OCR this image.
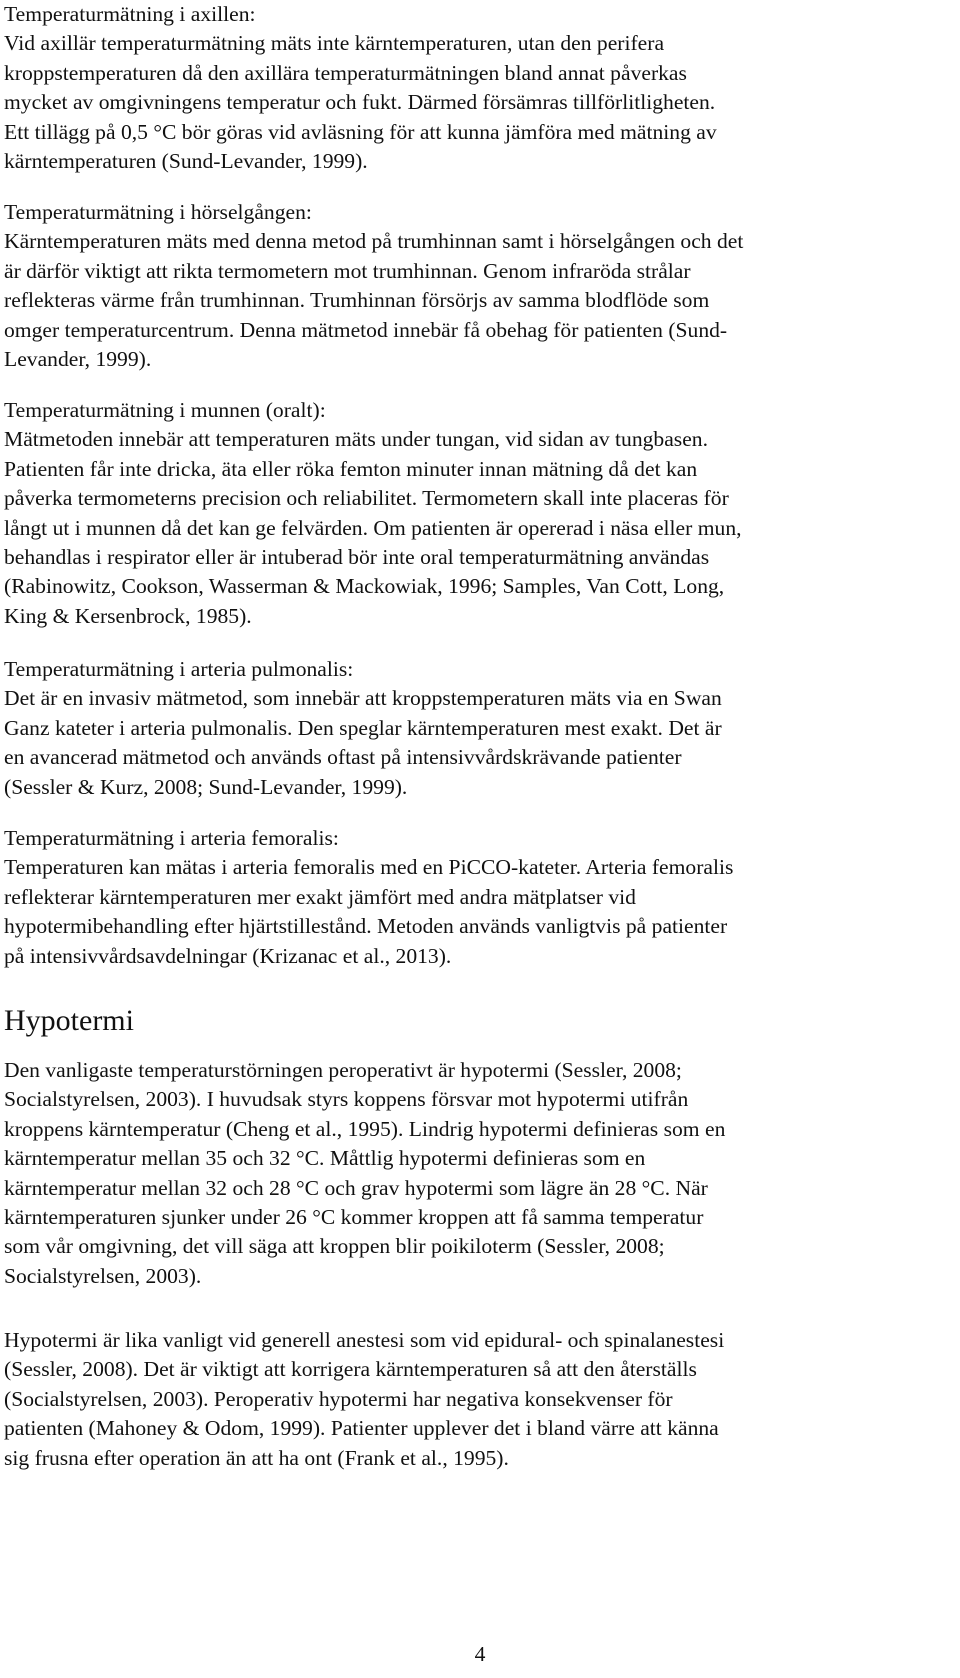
Temperaturmätning i axillen:
Vid axillär temperaturmätning mäts inte kärntemperaturen, utan den perifera
kroppstemperaturen då den axillära temperaturmätningen bland annat påverkas
mycket av omgivningens temperatur och fukt. Därmed försämras tillförlitligheten.
Ett tillägg på 0,5 °C bör göras vid avläsning för att kunna jämföra med mätning av
kärntemperaturen (Sund-Levander, 1999).

Temperaturmätning i hörselgången:
Kärntemperaturen mäts med denna metod på trumhinnan samt i hörselgången och det
är därför viktigt att rikta termometern mot trumhinnan. Genom infraröda strålar
reflekteras värme från trumhinnan. Trumhinnan försörjs av samma blodflöde som
omger temperaturcentrum. Denna mätmetod innebär få obehag för patienten (Sund-
Levander, 1999).

Temperaturmätning i munnen (oralt):
Mätmetoden innebär att temperaturen mäts under tungan, vid sidan av tungbasen.
Patienten får inte dricka, äta eller röka femton minuter innan mätning då det kan
påverka termometerns precision och reliabilitet. Termometern skall inte placeras för
långt ut i munnen då det kan ge felvärden. Om patienten är opererad i näsa eller mun,
behandlas i respirator eller är intuberad bör inte oral temperaturmätning användas
(Rabinowitz, Cookson, Wasserman & Mackowiak, 1996; Samples, Van Cott, Long,
King & Kersenbrock, 1985).

Temperaturmätning i arteria pulmonalis:
Det är en invasiv mätmetod, som innebär att kroppstemperaturen mäts via en Swan
Ganz kateter i arteria pulmonalis. Den speglar kärntemperaturen mest exakt. Det är
en avancerad mätmetod och används oftast på intensivvårdskrävande patienter
(Sessler & Kurz, 2008; Sund-Levander, 1999).

Temperaturmätning i arteria femoralis:
Temperaturen kan mätas i arteria femoralis med en PiCCO-kateter. Arteria femoralis
reflekterar kärntemperaturen mer exakt jämfört med andra mätplatser vid
hypotermibehandling efter hjärtstillestånd. Metoden används vanligtvis på patienter
på intensivvårdsavdelningar (Krizanac et al., 2013).

Hypotermi

Den vanligaste temperaturstörningen peroperativt är hypotermi (Sessler, 2008;
Socialstyrelsen, 2003). I huvudsak styrs koppens försvar mot hypotermi utifrån
kroppens kärntemperatur (Cheng et al., 1995). Lindrig hypotermi definieras som en
kärntemperatur mellan 35 och 32 °C. Måttlig hypotermi definieras som en
kärntemperatur mellan 32 och 28 °C och grav hypotermi som lägre än 28 °C. När
kärntemperaturen sjunker under 26 °C kommer kroppen att få samma temperatur
som vår omgivning, det vill säga att kroppen blir poikiloterm (Sessler, 2008;
Socialstyrelsen, 2003).

Hypotermi är lika vanligt vid generell anestesi som vid epidural- och spinalanestesi
(Sessler, 2008). Det är viktigt att korrigera kärntemperaturen så att den återställs
(Socialstyrelsen, 2003). Peroperativ hypotermi har negativa konsekvenser för
patienten (Mahoney & Odom, 1999). Patienter upplever det i bland värre att känna
sig frusna efter operation än att ha ont (Frank et al., 1995).

4
